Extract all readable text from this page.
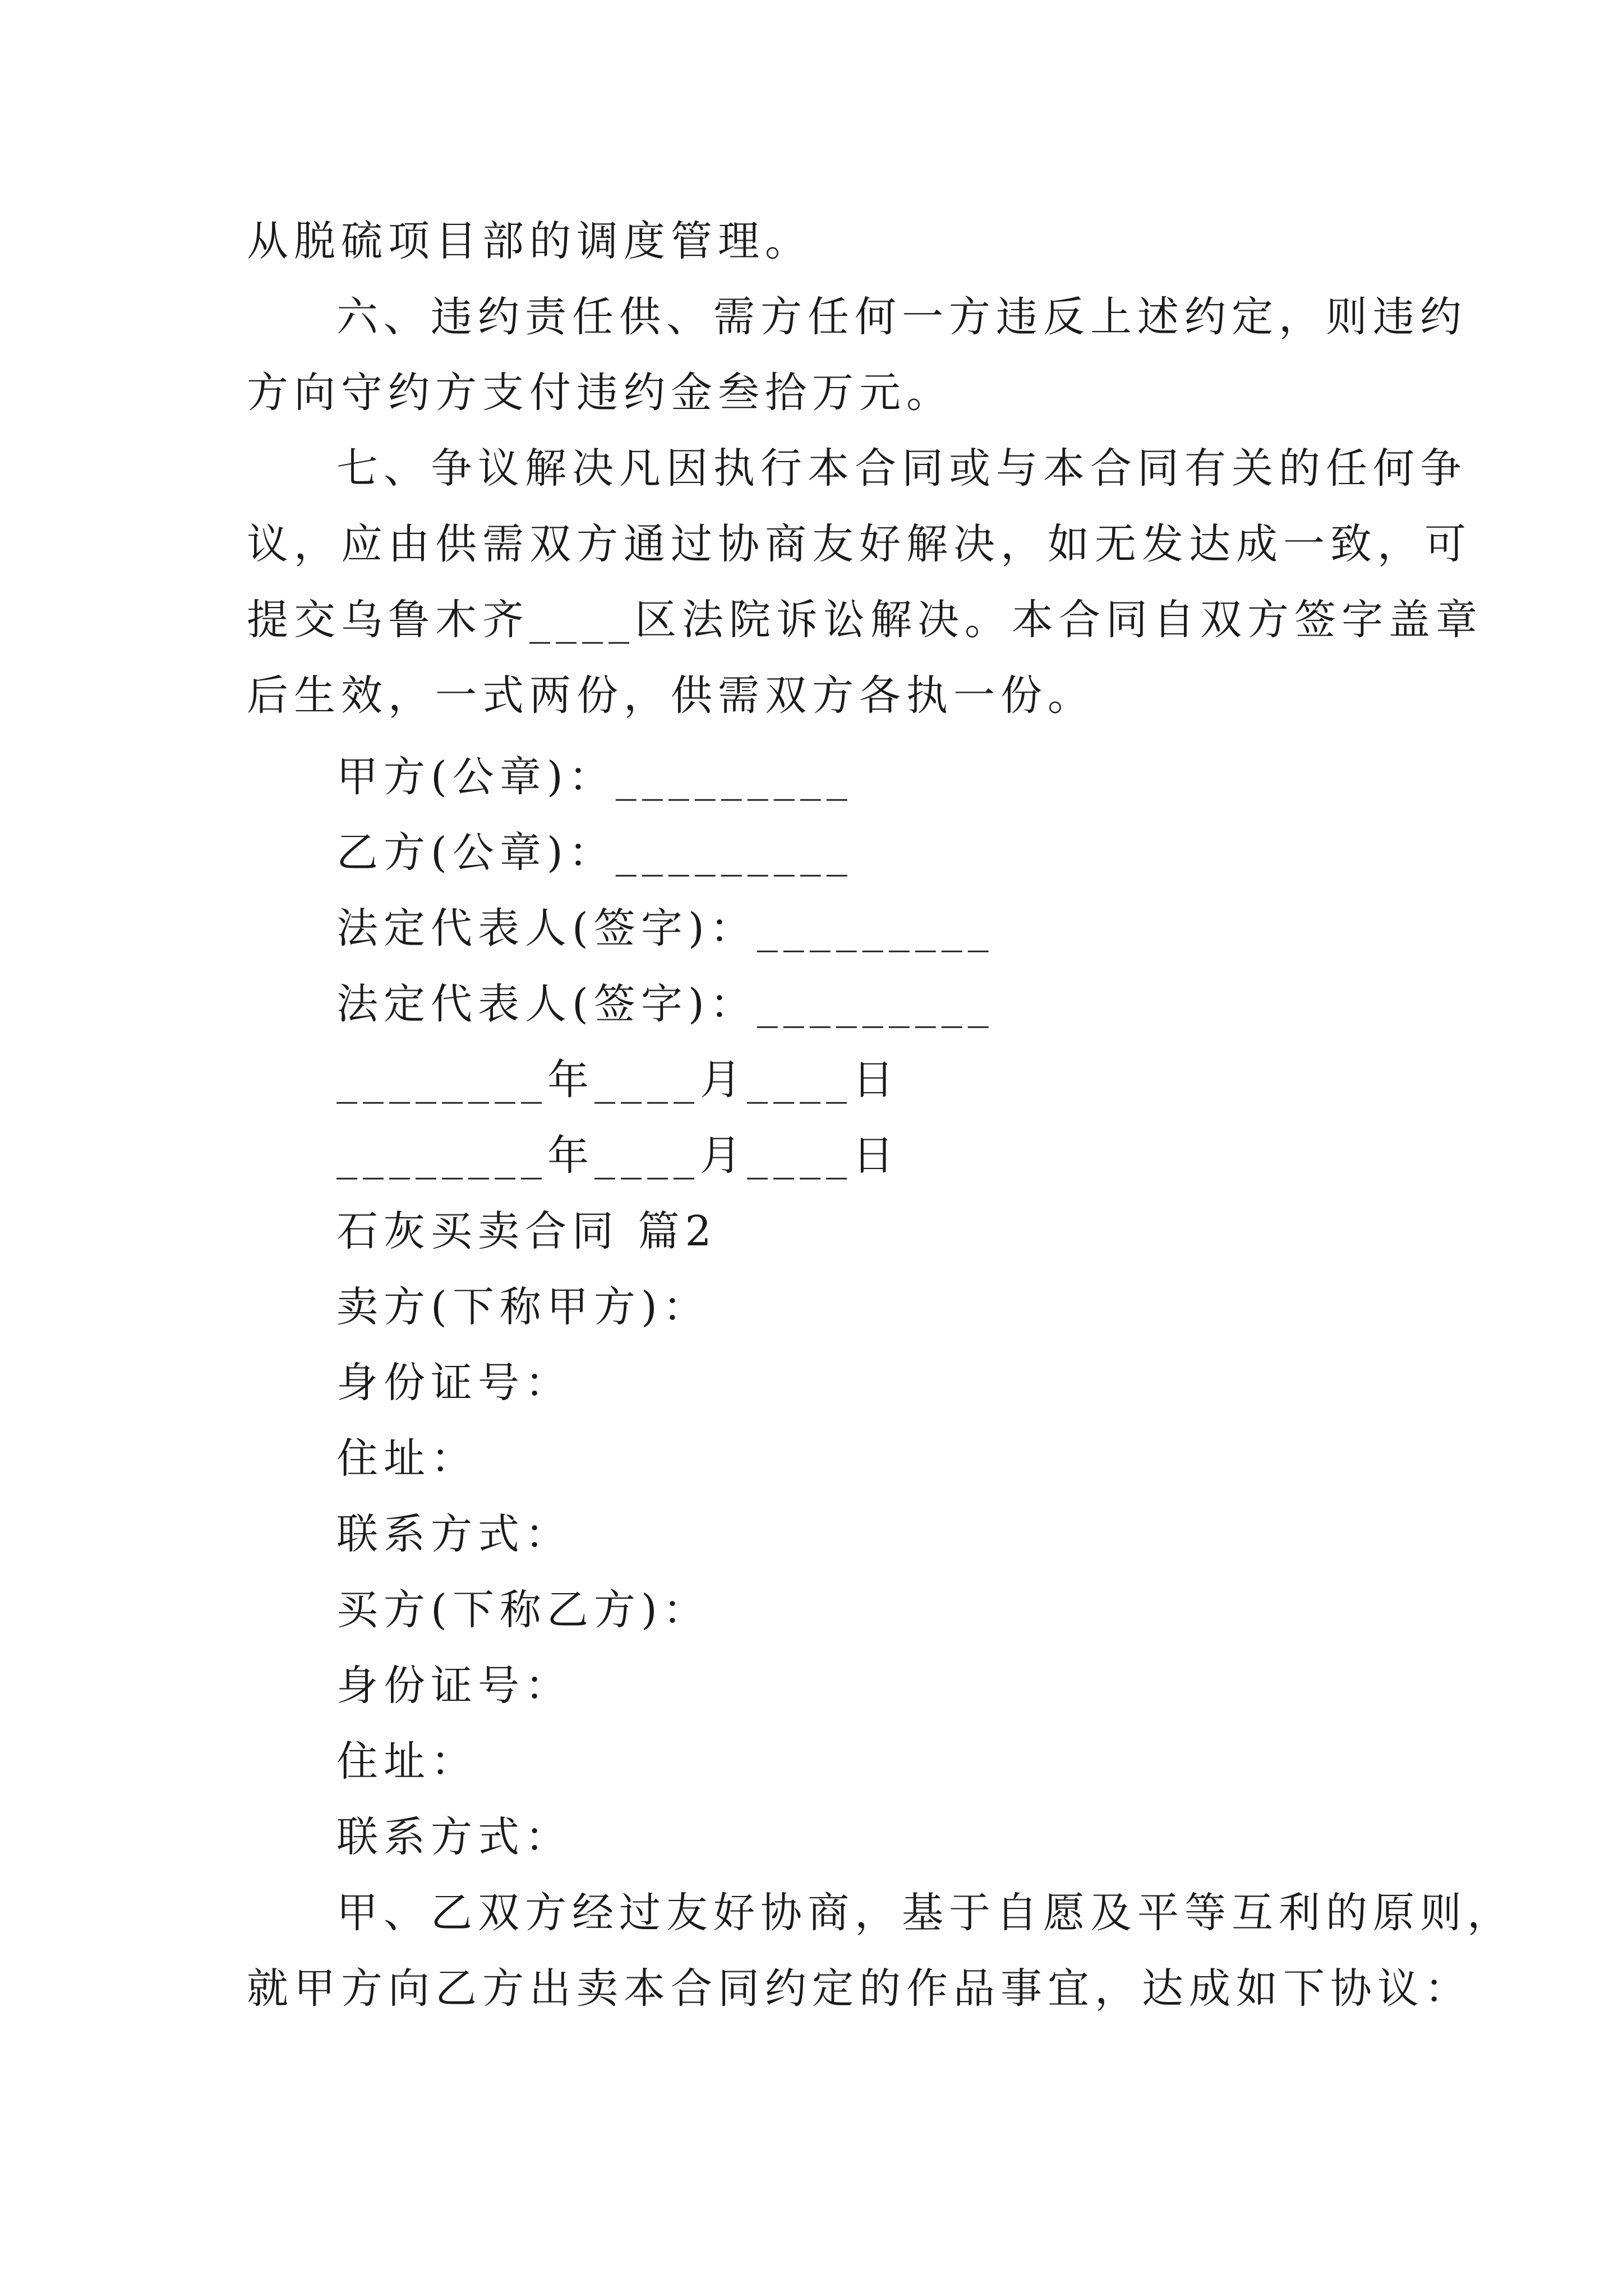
从脱硫项目部的调度管理。
六、违约责任供、需方任何一方违反上述约定，则违约
方向守约方支付违约金叁拾万元。
七、争议解决凡因执行本合同或与本合同有关的任何争
议，应由供需双方通过协商友好解决，如无发达成一致，可
提交乌鲁木齐____区法院诉讼解决。本合同自双方签字盖章
后生效，一式两份，供需双方各执一份。
甲方(公章)：_________
乙方(公章)：_________
法定代表人(签字)：_________
法定代表人(签字)：_________
________年____月____日
________年____月____日
石灰买卖合同 篇2
卖方(下称甲方)：
身份证号：
住址：
联系方式：
买方(下称乙方)：
身份证号：
住址：
联系方式：
甲、乙双方经过友好协商，基于自愿及平等互利的原则，
就甲方向乙方出卖本合同约定的作品事宜，达成如下协议：
